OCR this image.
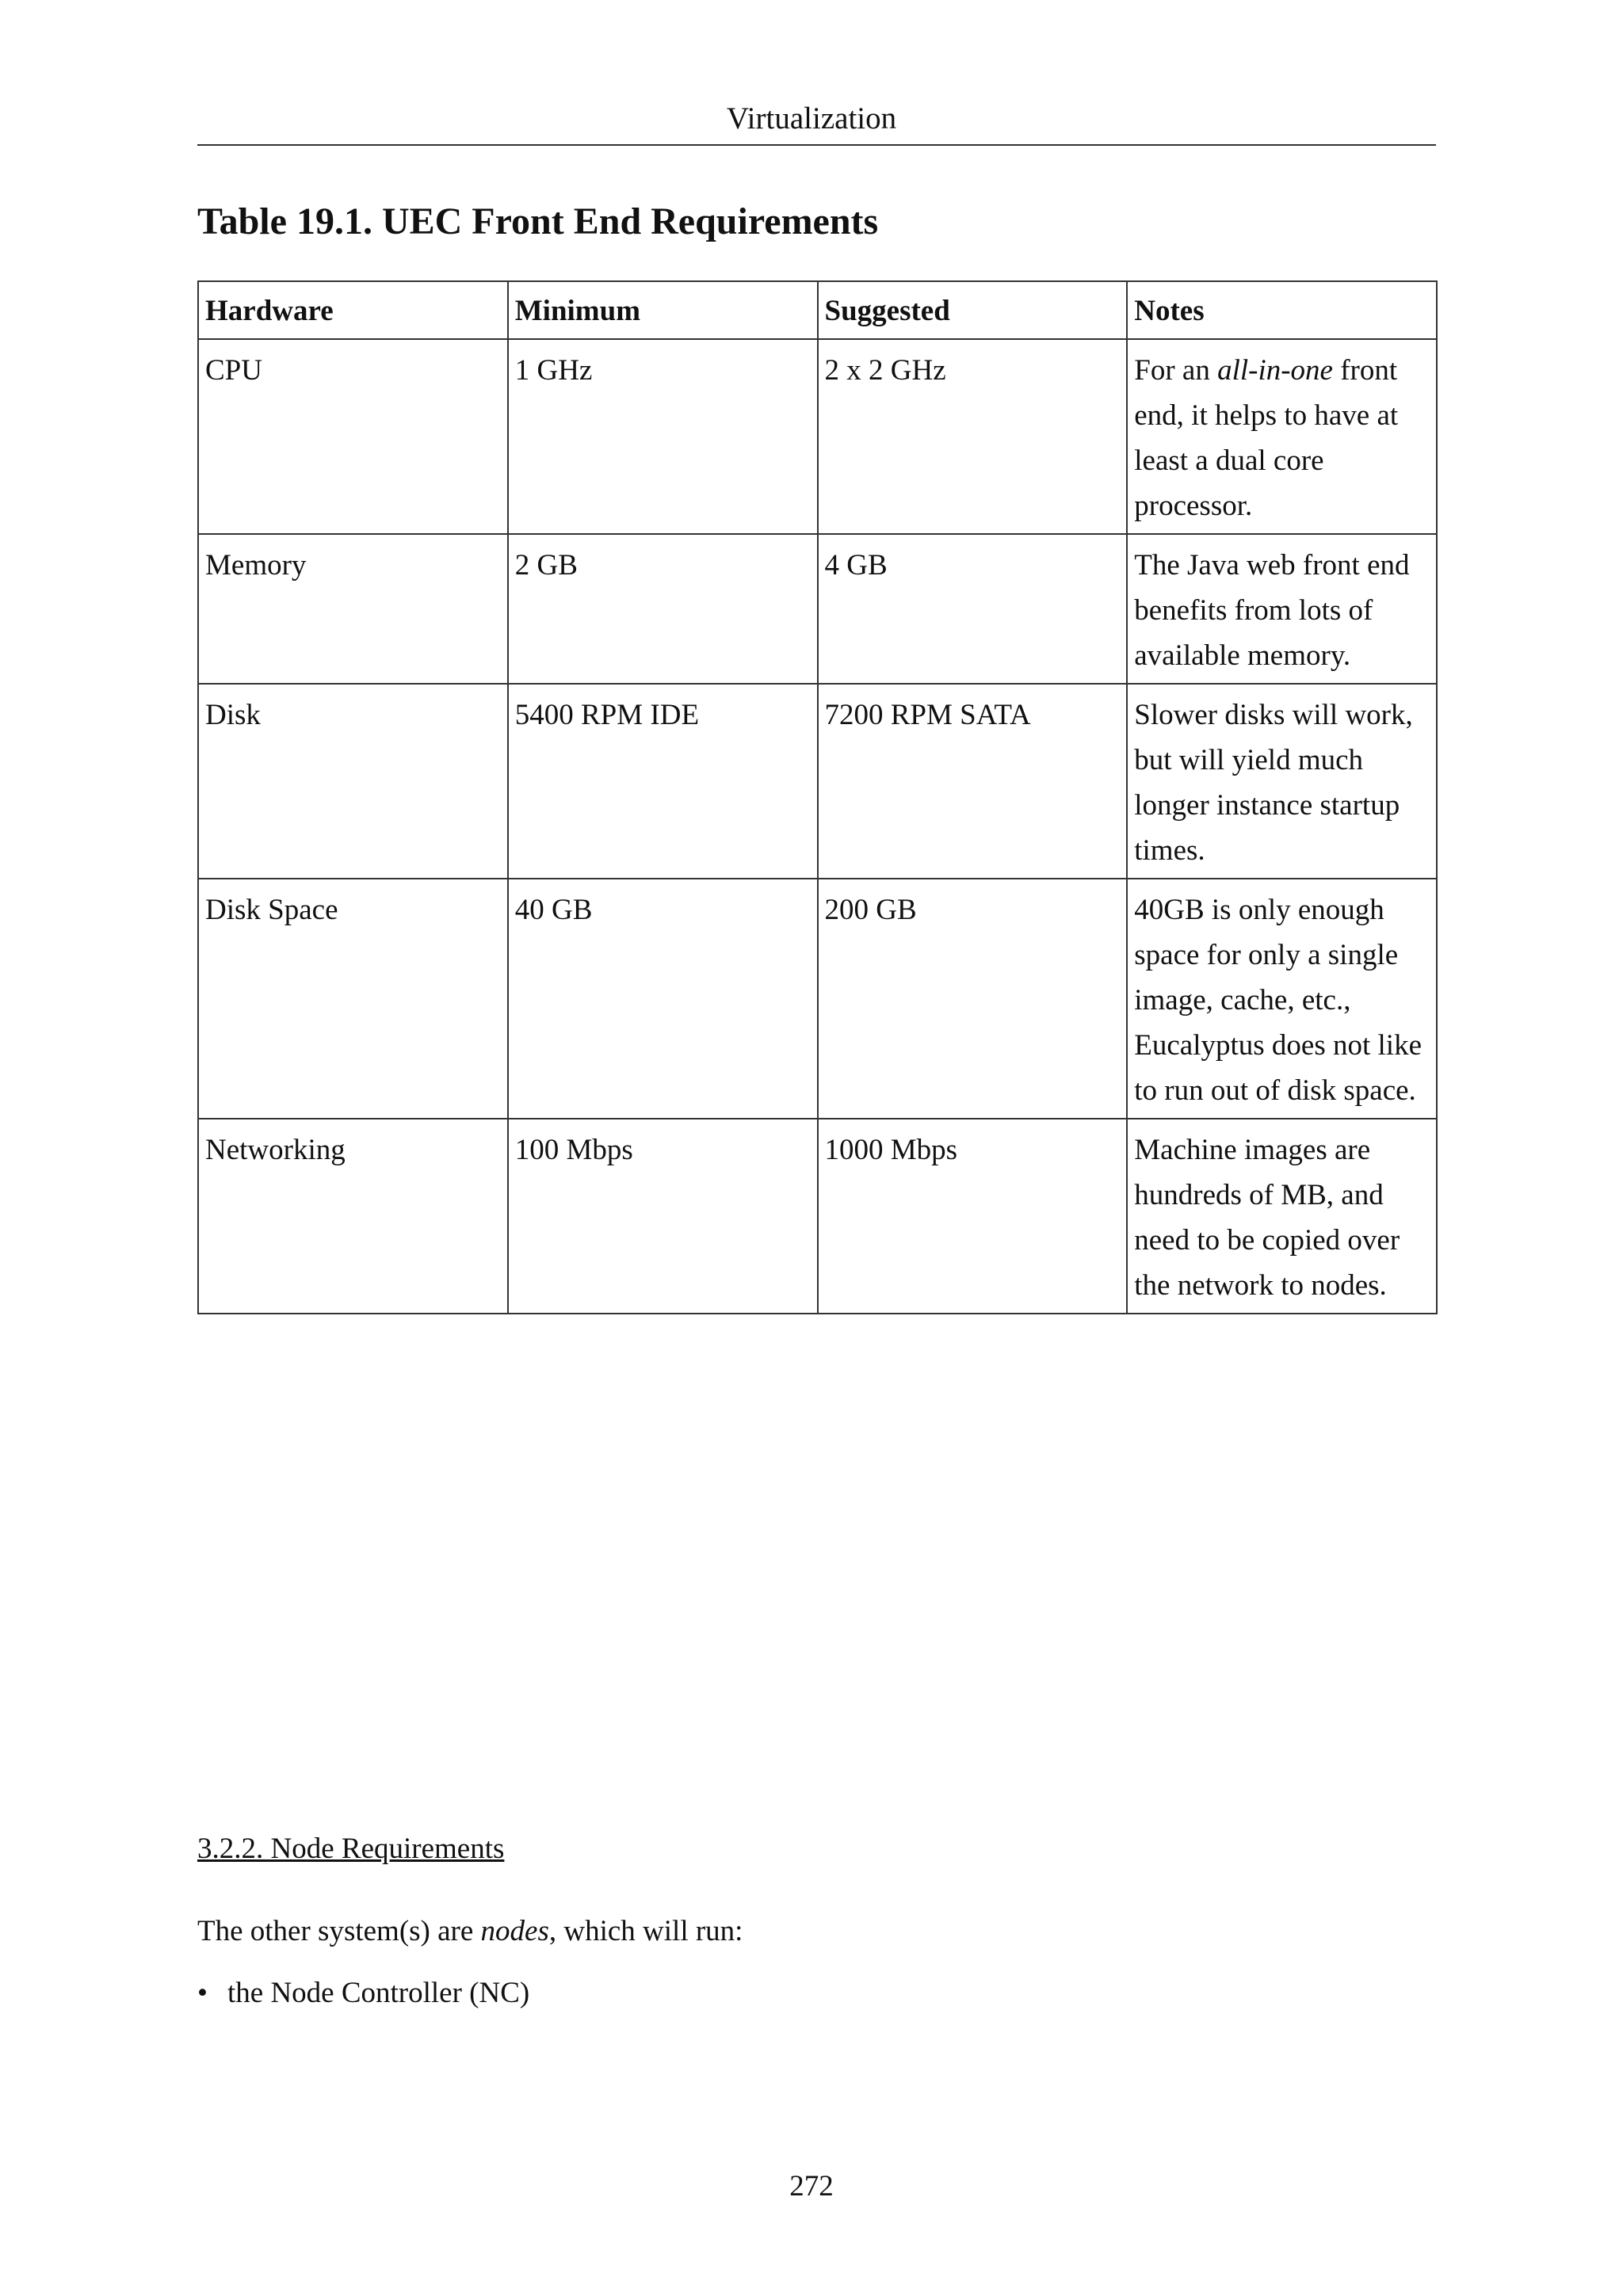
Virtualization
Table 19.1. UEC Front End Requirements
Hardware	Minimum	Suggested	Notes
CPU	1 GHz	2 x 2 GHz	For an all-in-one front end, it helps to have at least a dual core processor.
Memory	2 GB	4 GB	The Java web front end benefits from lots of available memory.
Disk	5400 RPM IDE	7200 RPM SATA	Slower disks will work, but will yield much longer instance startup times.
Disk Space	40 GB	200 GB	40GB is only enough space for only a single image, cache, etc., Eucalyptus does not like to run out of disk space.
Networking	100 Mbps	1000 Mbps	Machine images are hundreds of MB, and need to be copied over the network to nodes.
3.2.2. Node Requirements

The other system(s) are nodes, which will run:

• the Node Controller (NC)
272
